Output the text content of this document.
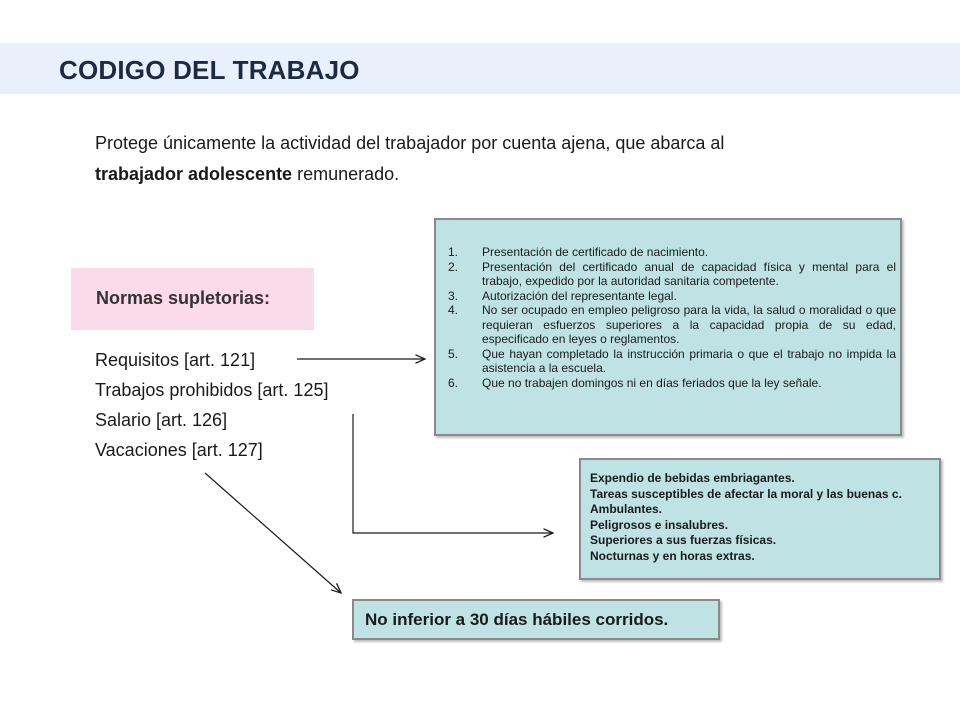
CODIGO DEL TRABAJO

Protege únicamente la actividad del trabajador por cuenta ajena, que abarca al
trabajador adolescente remunerado.

Normas supletorias:
Requisitos [art. 121]
Trabajos prohibidos [art. 125]
Salario [art. 126]
Vacaciones [art. 127]
1.	Presentación de certificado de nacimiento.
2.	Presentación del certificado anual de capacidad física y mental para el trabajo, expedido por la autoridad sanitaria competente.
3.	Autorización del representante legal.
4.	No ser ocupado en empleo peligroso para la vida, la salud o moralidad o que requieran esfuerzos superiores a la capacidad propia de su edad, especificado en leyes o reglamentos.
5.	Que hayan completado la instrucción primaria o que el trabajo no impida la asistencia a la escuela.
6.	Que no trabajen domingos ni en días feriados que la ley señale.
Expendio de bebidas embriagantes.
Tareas susceptibles de afectar la moral y las buenas c.
Ambulantes.
Peligrosos e insalubres.
Superiores a sus fuerzas físicas.
Nocturnas y en horas extras.
No inferior a 30 días hábiles corridos.
